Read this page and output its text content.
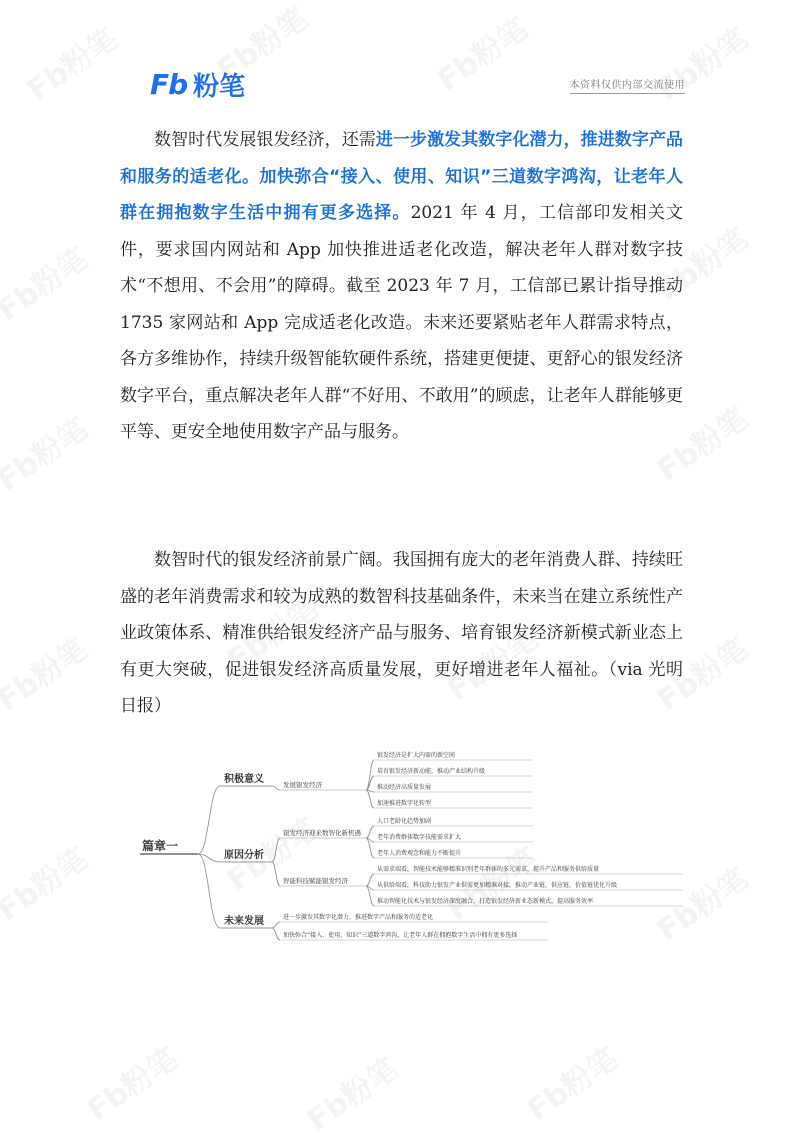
Fb 粉笔	本资料仅供内部交流使用

数智时代发展银发经济，还需进一步激发其数字化潜力，推进数字产品和服务的适老化。加快弥合“接入、使用、知识”三道数字鸿沟，让老年人群在拥抱数字生活中拥有更多选择。2021 年 4 月，工信部印发相关文件，要求国内网站和 App 加快推进适老化改造，解决老年人群对数字技术“不想用、不会用”的障碍。截至 2023 年 7 月，工信部已累计指导推动 1735 家网站和 App 完成适老化改造。未来还要紧贴老年人群需求特点，各方多维协作，持续升级智能软硬件系统，搭建更便捷、更舒心的银发经济数字平台，重点解决老年人群“不好用、不敢用”的顾虑，让老年人群能够更平等、更安全地使用数字产品与服务。

数智时代的银发经济前景广阔。我国拥有庞大的老年消费人群、持续旺盛的老年消费需求和较为成熟的数智科技基础条件，未来当在建立系统性产业政策体系、精准供给银发经济产品与服务、培育银发经济新模式新业态上有更大突破，促进银发经济高质量发展，更好增进老年人福祉。（via 光明日报）

篇章一
积极意义	发展银发经济
银发经济是扩大内需的新空间
培育银发经济新动能，推动产业结构升级
推动经济高质量发展
加速推进数字化转型
原因分析
银发经济迎来数智化新机遇
人口老龄化趋势加剧
老年消费群体数字技能需求扩大
老年人消费观念和能力不断提升
智能科技赋能银发经济
从需求端看，智能技术能够精准识别老年群体的多元需求，提升产品和服务供给质量
从供给端看，科技助力银发产业供需更加精准对接，推动产业链、供应链、价值链优化升级
推动智能化技术与银发经济深度融合，打造银发经济新业态新模式，提高服务效率
未来发展	进一步激发其数字化潜力，推进数字产品和服务的适老化
加快弥合“接入、使用、知识”三道数字鸿沟，让老年人群在拥抱数字生活中拥有更多选择
